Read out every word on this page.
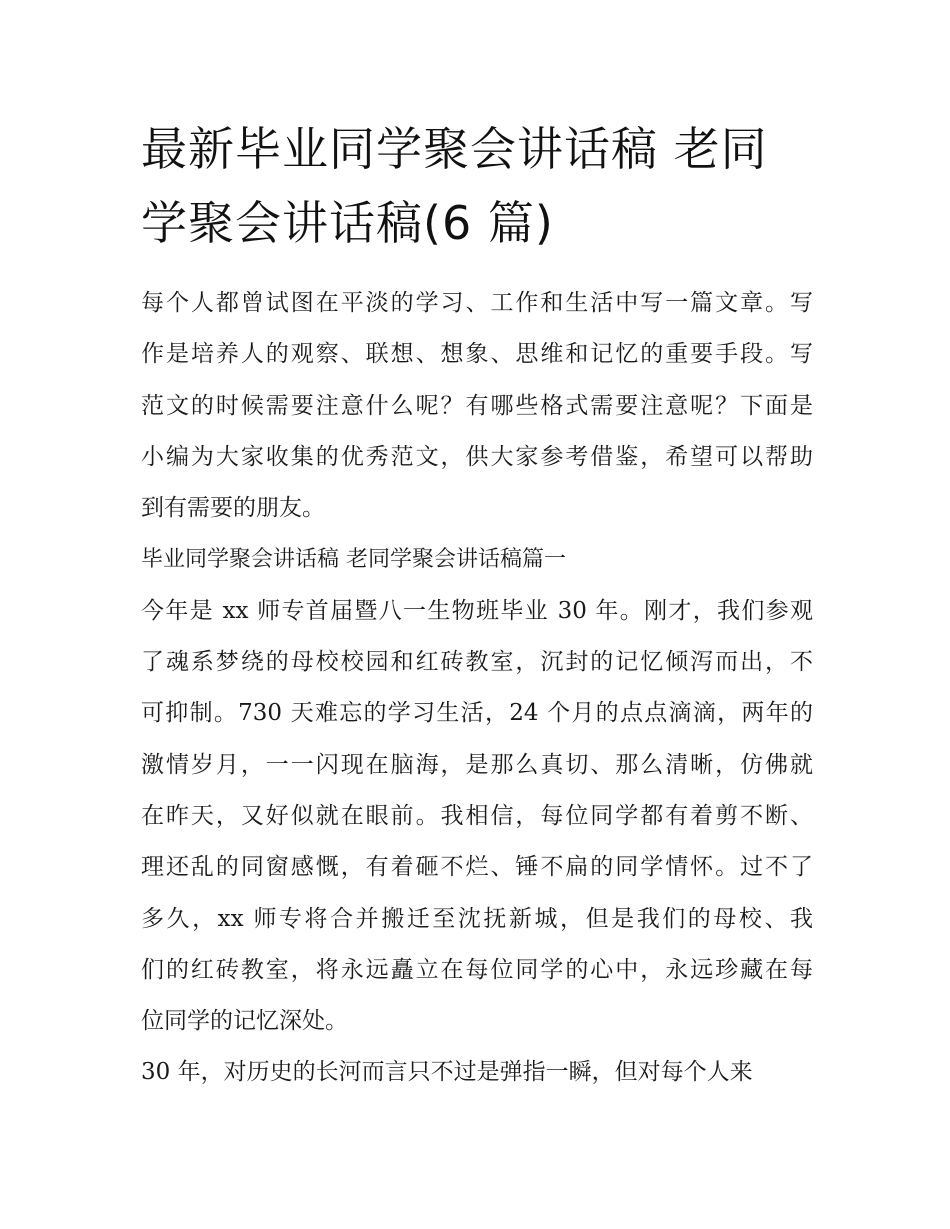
最新毕业同学聚会讲话稿 老同
学聚会讲话稿(6 篇)

每个人都曾试图在平淡的学习、工作和生活中写一篇文章。写
作是培养人的观察、联想、想象、思维和记忆的重要手段。写
范文的时候需要注意什么呢？有哪些格式需要注意呢？下面是
小编为大家收集的优秀范文，供大家参考借鉴，希望可以帮助
到有需要的朋友。

毕业同学聚会讲话稿 老同学聚会讲话稿篇一

今年是 xx 师专首届暨八一生物班毕业 30 年。刚才，我们参观
了魂系梦绕的母校校园和红砖教室，沉封的记忆倾泻而出，不
可抑制。730 天难忘的学习生活，24 个月的点点滴滴，两年的
激情岁月，一一闪现在脑海，是那么真切、那么清晰，仿佛就
在昨天，又好似就在眼前。我相信，每位同学都有着剪不断、
理还乱的同窗感慨，有着砸不烂、锤不扁的同学情怀。过不了
多久，xx 师专将合并搬迁至沈抚新城，但是我们的母校、我
们的红砖教室，将永远矗立在每位同学的心中，永远珍藏在每
位同学的记忆深处。

30 年，对历史的长河而言只不过是弹指一瞬，但对每个人来
